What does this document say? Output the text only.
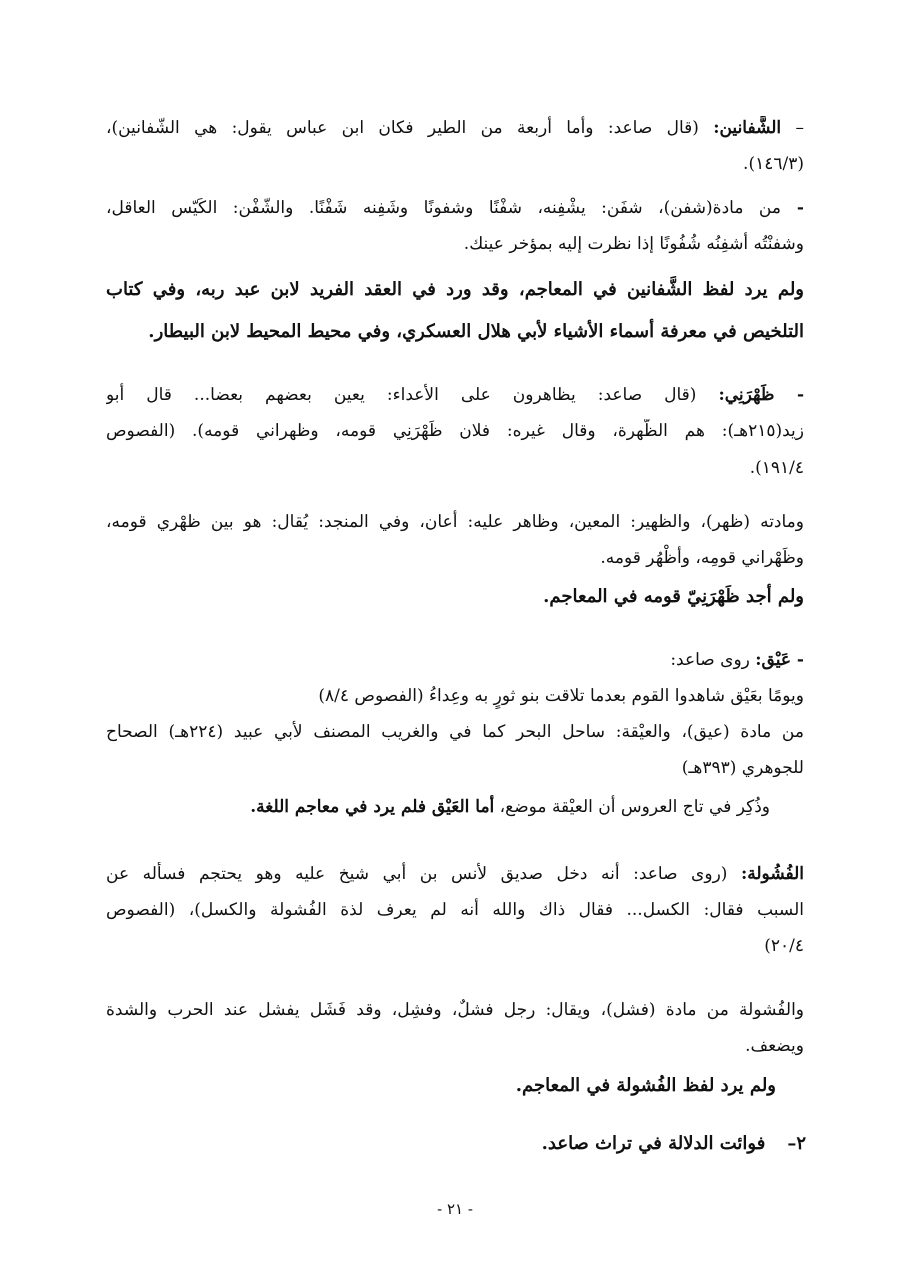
– الشَّفانين: (قال صاعد: وأما أربعة من الطير فكان ابن عباس يقول: هي الشّفانين)،
(١٤٦/٣).
- من مادة(شفن)، شفَن: يشْفِنه، شفْنًا وشفونًا وشَفِنه شَفْنًا. والشّفْن: الكَيّس العاقل،
وشفنْتُه أشفِنُه شُفُونًا إذا نظرت إليه بمؤخر عينك.
ولم يرد لفظ الشَّفانين في المعاجم، وقد ورد في العقد الفريد لابن عبد ربه، وفي كتاب
التلخيص في معرفة أسماء الأشياء لأبي هلال العسكري، وفي محيط المحيط لابن البيطار.
- ظَهْرَنِي: (قال صاعد: يظاهرون على الأعداء: يعين بعضهم بعضا... قال أبو
زيد(٢١٥هـ): هم الظُّهرة، وقال غيره: فلان ظَهْرَنِي قومه، وظهراني قومه). (الفصوص
١٩١/٤).
ومادته (ظهر)، والظهير: المعين، وظاهر عليه: أعان، وفي المنجد: يُقال: هو بين ظهْري قومه،
وظَهْراني قومِه، وأظْهُر قومه.
ولم أجد ظَهْرَنِيّ قومه في المعاجم.
- عَيْق: روى صاعد:
ويومًا بعَيْق شاهدوا القوم بعدما تلاقت بنو ثورٍ به وعِداءُ (الفصوص ٨/٤)
من مادة (عيق)، والعيْقة: ساحل البحر كما في والغريب المصنف لأبي عبيد (٢٢٤هـ) الصحاح
للجوهري (٣٩٣هـ)
وذُكِر في تاج العروس أن العيْقة موضع، أما العَيْق فلم يرد في معاجم اللغة.
الفُشُولة: (روى صاعد: أنه دخل صديق لأنس بن أبي شيخ عليه وهو يحتجم فسأله عن
السبب فقال: الكسل... فقال ذاك والله أنه لم يعرف لذة الفُشولة والكسل)، (الفصوص
٢٠/٤)
والفُشولة من مادة (فشل)، ويقال: رجل فشلٌ، وفشِل، وقد فَشَل يفشل عند الحرب والشدة
ويضعف.
ولم يرد لفظ الفُشولة في المعاجم.
٢–فوائت الدلالة في تراث صاعد.
- ٢١ -
